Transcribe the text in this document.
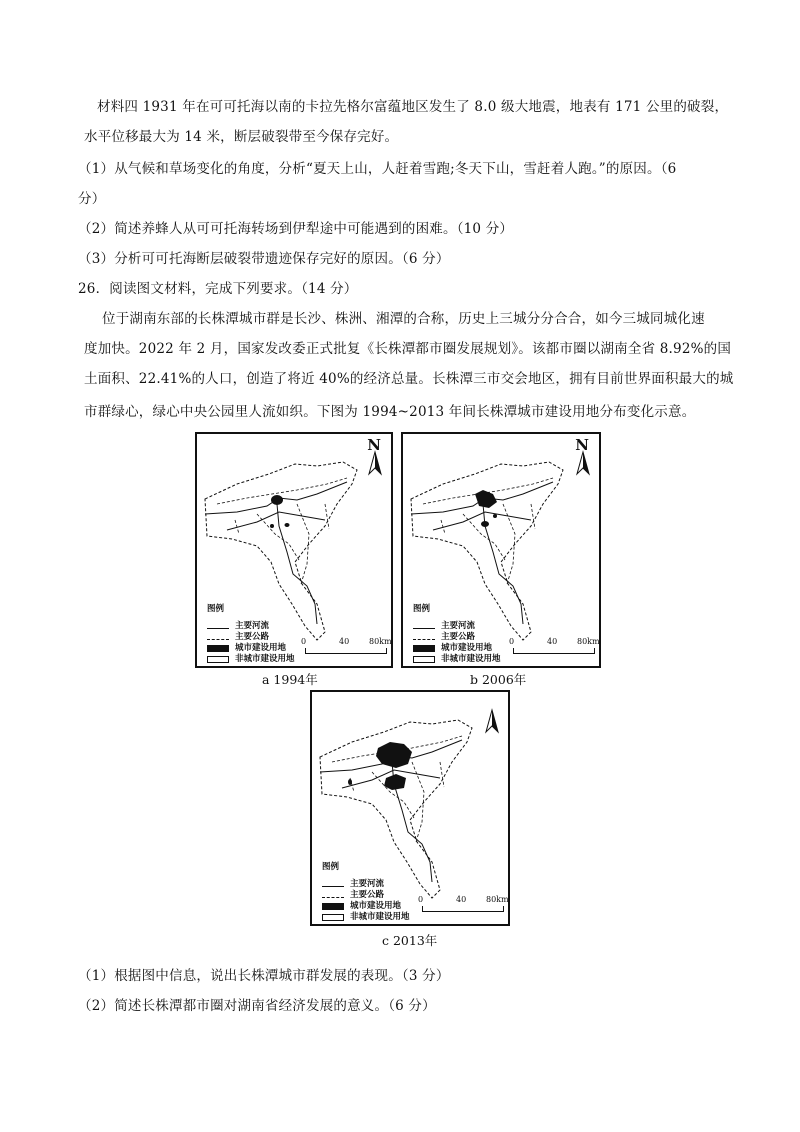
材料四 1931 年在可可托海以南的卡拉先格尔富蕴地区发生了 8.0 级大地震，地表有 171 公里的破裂，
水平位移最大为 14 米，断层破裂带至今保存完好。
（1）从气候和草场变化的角度，分析“夏天上山，人赶着雪跑;冬天下山，雪赶着人跑。”的原因。（6
分）
（2）简述养蜂人从可可托海转场到伊犁途中可能遇到的困难。（10 分）
（3）分析可可托海断层破裂带遗迹保存完好的原因。（6 分）
26．阅读图文材料，完成下列要求。（14 分）
位于湖南东部的长株潭城市群是长沙、株洲、湘潭的合称，历史上三城分分合合，如今三城同城化速
度加快。2022 年 2 月，国家发改委正式批复《长株潭都市圈发展规划》。该都市圈以湖南全省 8.92%的国
土面积、22.41%的人口，创造了将近 40%的经济总量。长株潭三市交会地区，拥有目前世界面积最大的城
市群绿心，绿心中央公园里人流如织。下图为 1994~2013 年间长株潭城市建设用地分布变化示意。
N
图例
主要河流
主要公路
城市建设用地
非城市建设用地
0	40 80km
a 1994年
N
图例
主要河流
主要公路
城市建设用地
非城市建设用地
0	40 80km
b 2006年
图例
主要河流
主要公路
城市建设用地
非城市建设用地
0	40 80km
c 2013年
（1）根据图中信息，说出长株潭城市群发展的表现。（3 分）
（2）简述长株潭都市圈对湖南省经济发展的意义。（6 分）
